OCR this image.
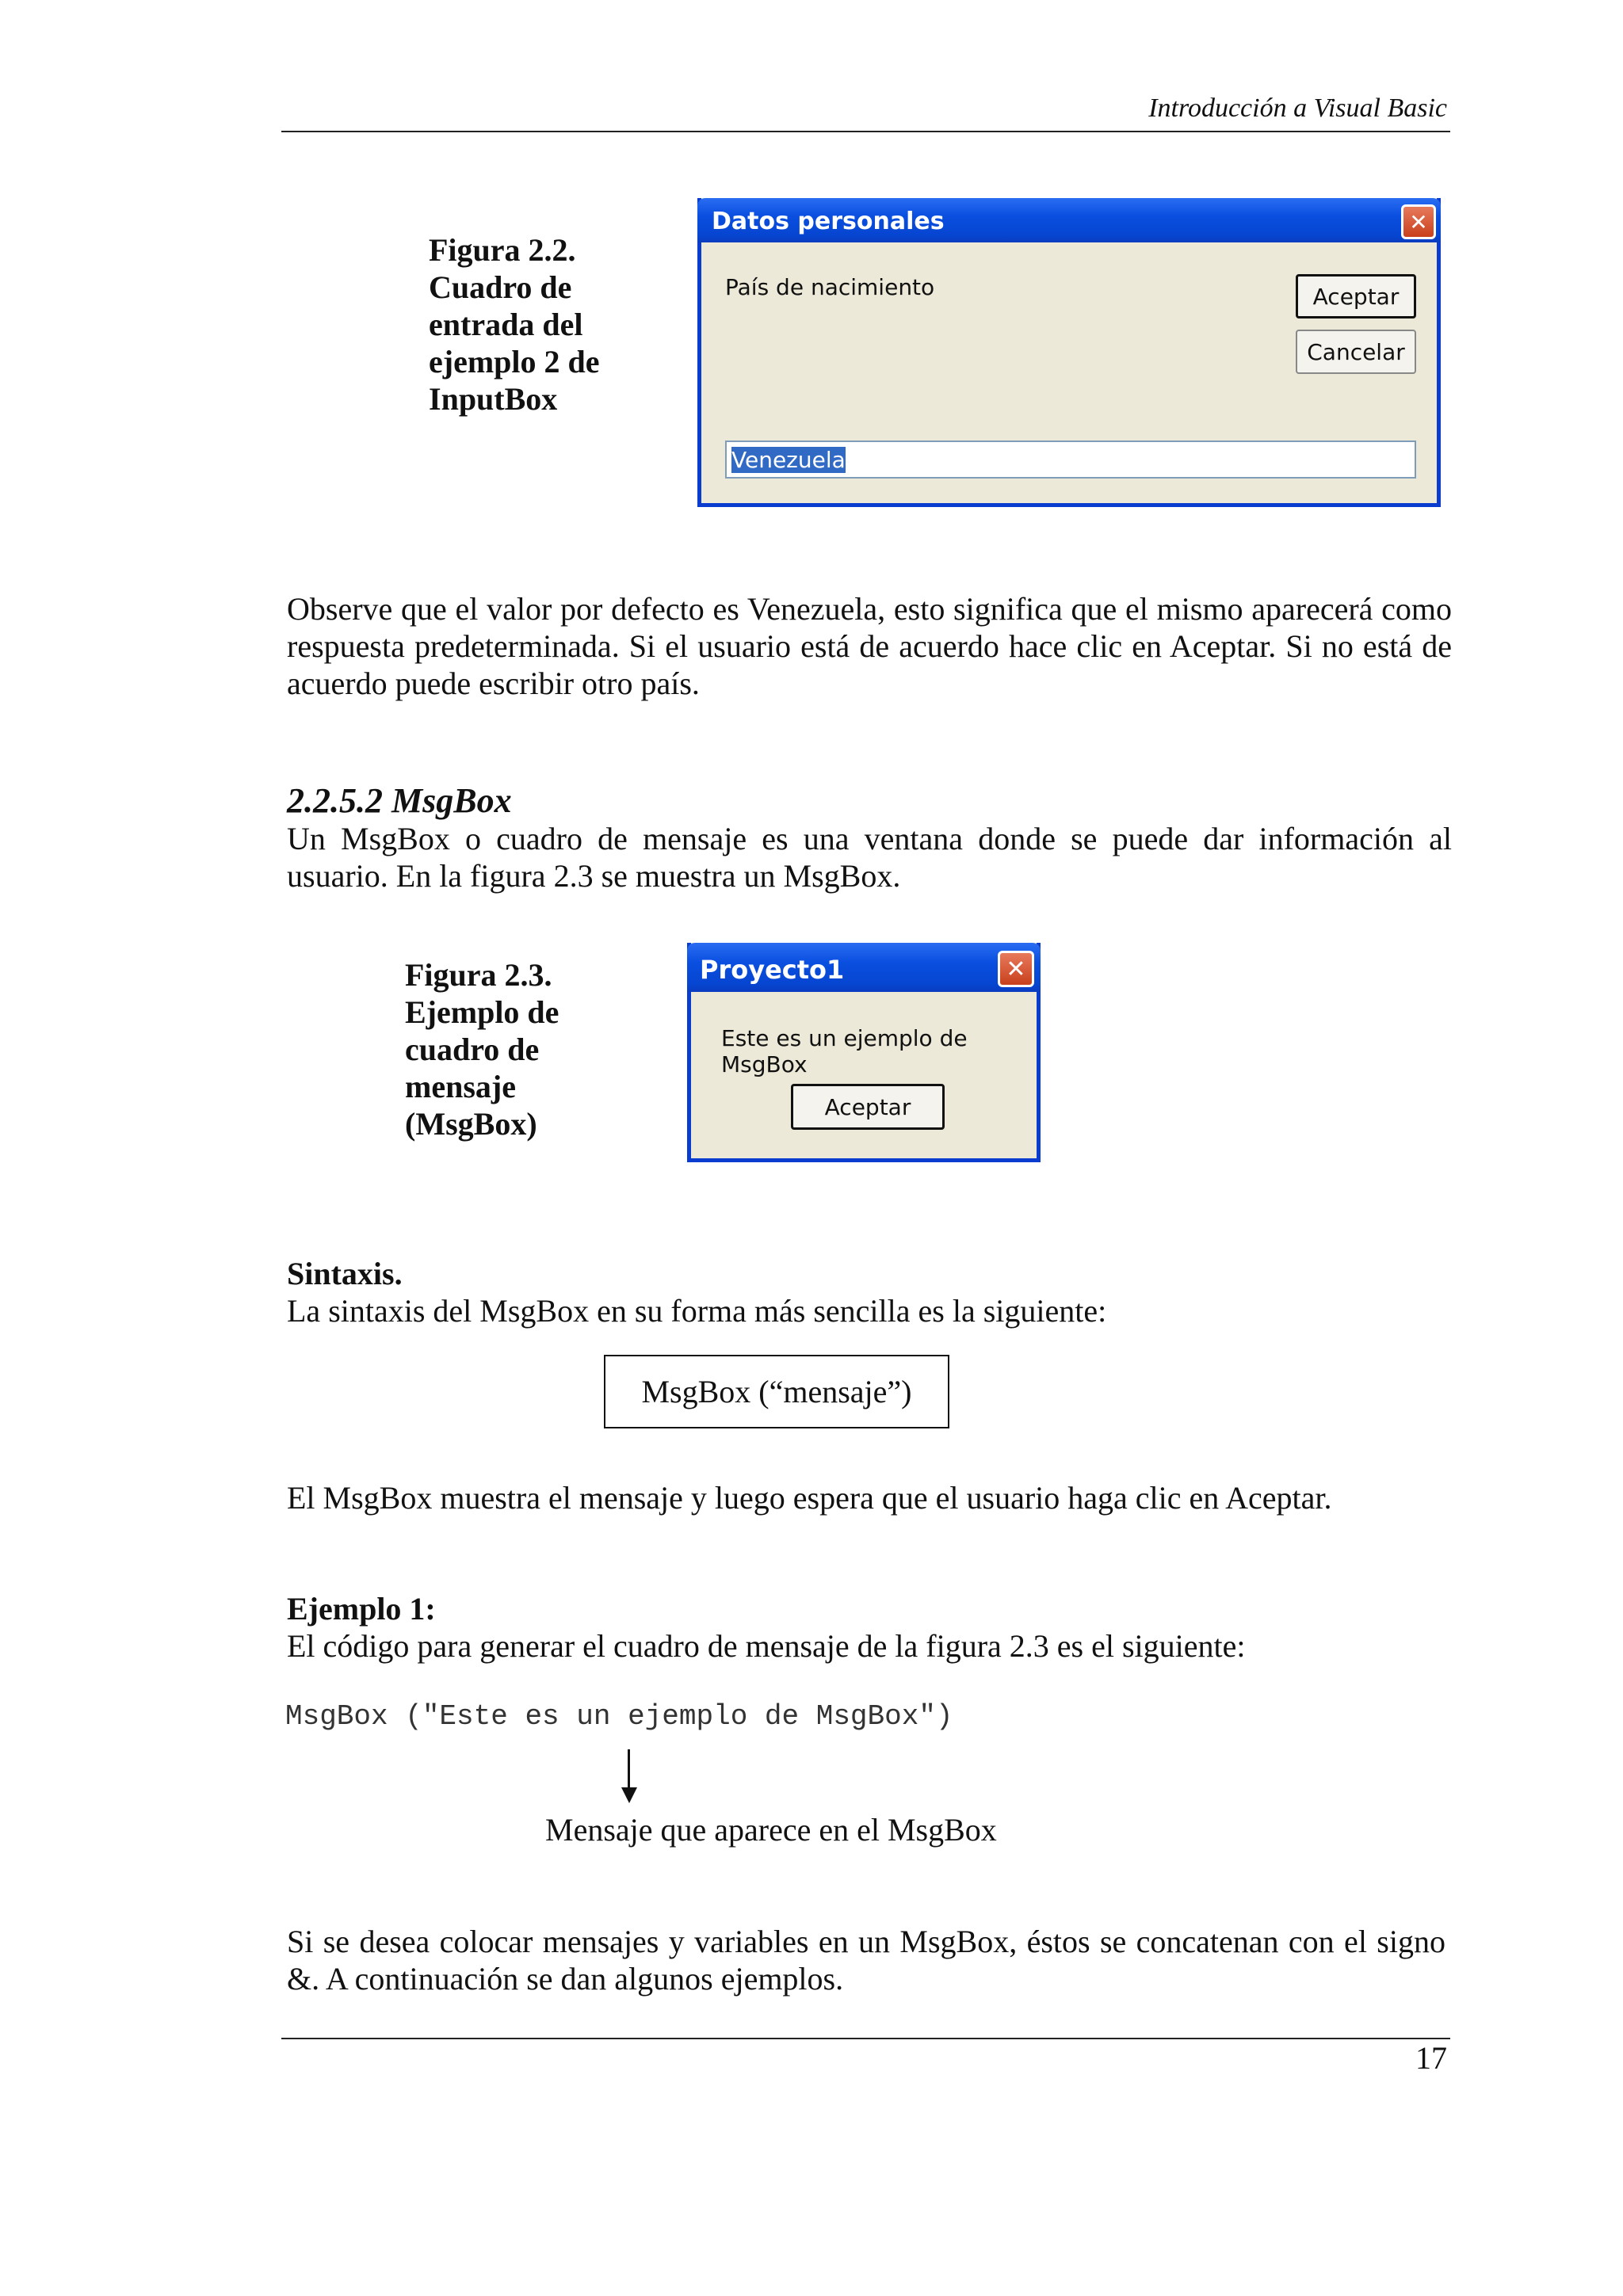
Introducción a Visual Basic
Figura 2.2.
Cuadro de
entrada del
ejemplo 2 de
InputBox
Datos personales	✕
País de nacimiento	Aceptar
Cancelar
Venezuela
Observe que el valor por defecto es Venezuela, esto significa que el mismo aparecerá como respuesta predeterminada. Si el usuario está de acuerdo hace clic en Aceptar. Si no está de acuerdo puede escribir otro país.
2.2.5.2 MsgBox
Un MsgBox o cuadro de mensaje es una ventana donde se puede dar información al usuario. En la figura 2.3 se muestra un MsgBox.
Figura 2.3.
Ejemplo de
cuadro de
mensaje
(MsgBox)
Proyecto1	✕
Este es un ejemplo de MsgBox
Aceptar
Sintaxis.
La sintaxis del MsgBox en su forma más sencilla es la siguiente:
MsgBox (“mensaje”)
El MsgBox muestra el mensaje y luego espera que el usuario haga clic en Aceptar.
Ejemplo 1:
El código para generar el cuadro de mensaje de la figura 2.3 es el siguiente:
MsgBox ("Este es un ejemplo de MsgBox")
Mensaje que aparece en el MsgBox
Si se desea colocar mensajes y variables en un MsgBox, éstos se concatenan con el signo &. A continuación se dan algunos ejemplos.
17
